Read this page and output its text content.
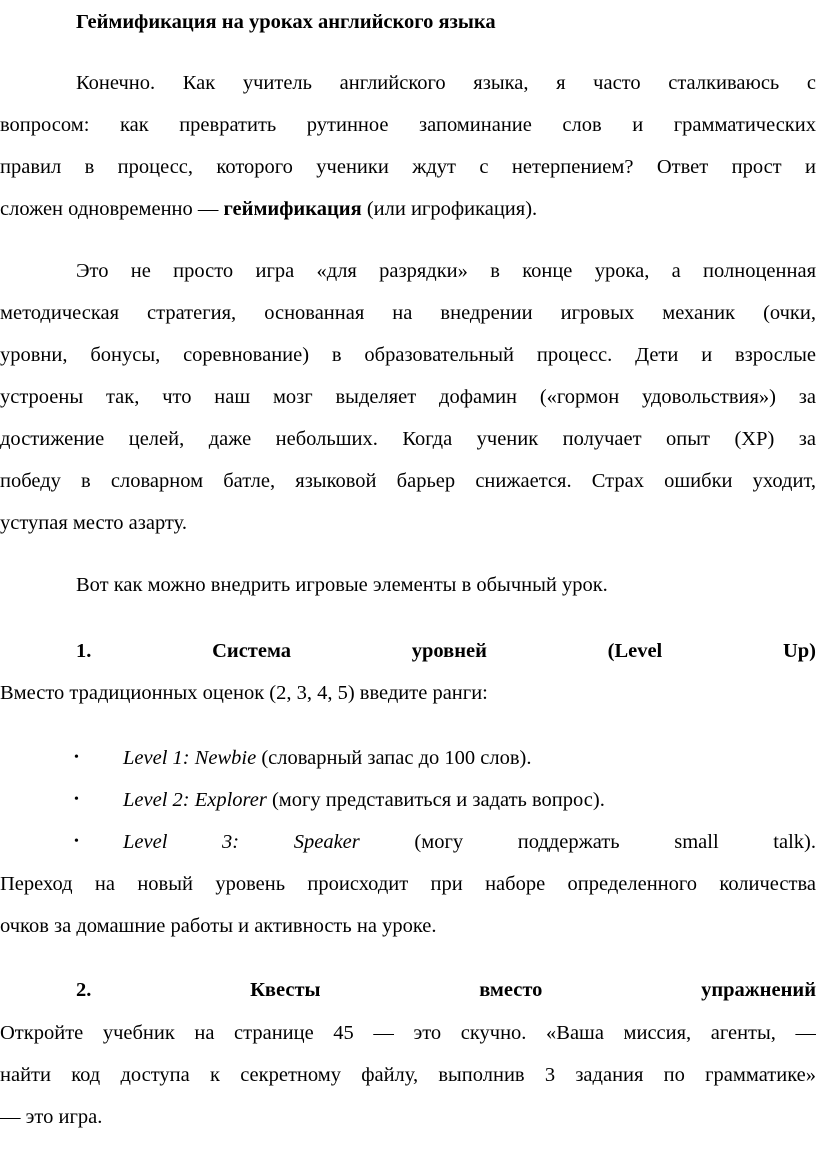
Геймификация на уроках английского языка
Конечно. Как учитель английского языка, я часто сталкиваюсь с
вопросом: как превратить рутинное запоминание слов и грамматических
правил в процесс, которого ученики ждут с нетерпением? Ответ прост и
сложен одновременно — геймификация (или игрофикация).
Это не просто игра «для разрядки» в конце урока, а полноценная
методическая стратегия, основанная на внедрении игровых механик (очки,
уровни, бонусы, соревнование) в образовательный процесс. Дети и взрослые
устроены так, что наш мозг выделяет дофамин («гормон удовольствия») за
достижение целей, даже небольших. Когда ученик получает опыт (XP) за
победу в словарном батле, языковой барьер снижается. Страх ошибки уходит,
уступая место азарту.
Вот как можно внедрить игровые элементы в обычный урок.
1. Система уровней (Level Up)
Вместо традиционных оценок (2, 3, 4, 5) введите ранги:
• Level 1: Newbie (словарный запас до 100 слов).
• Level 2: Explorer (могу представиться и задать вопрос).
• Level 3: Speaker (могу поддержать small talk).
Переход на новый уровень происходит при наборе определенного количества
очков за домашние работы и активность на уроке.
2. Квесты вместо упражнений
Откройте учебник на странице 45 — это скучно. «Ваша миссия, агенты, —
найти код доступа к секретному файлу, выполнив 3 задания по грамматике»
— это игра.
